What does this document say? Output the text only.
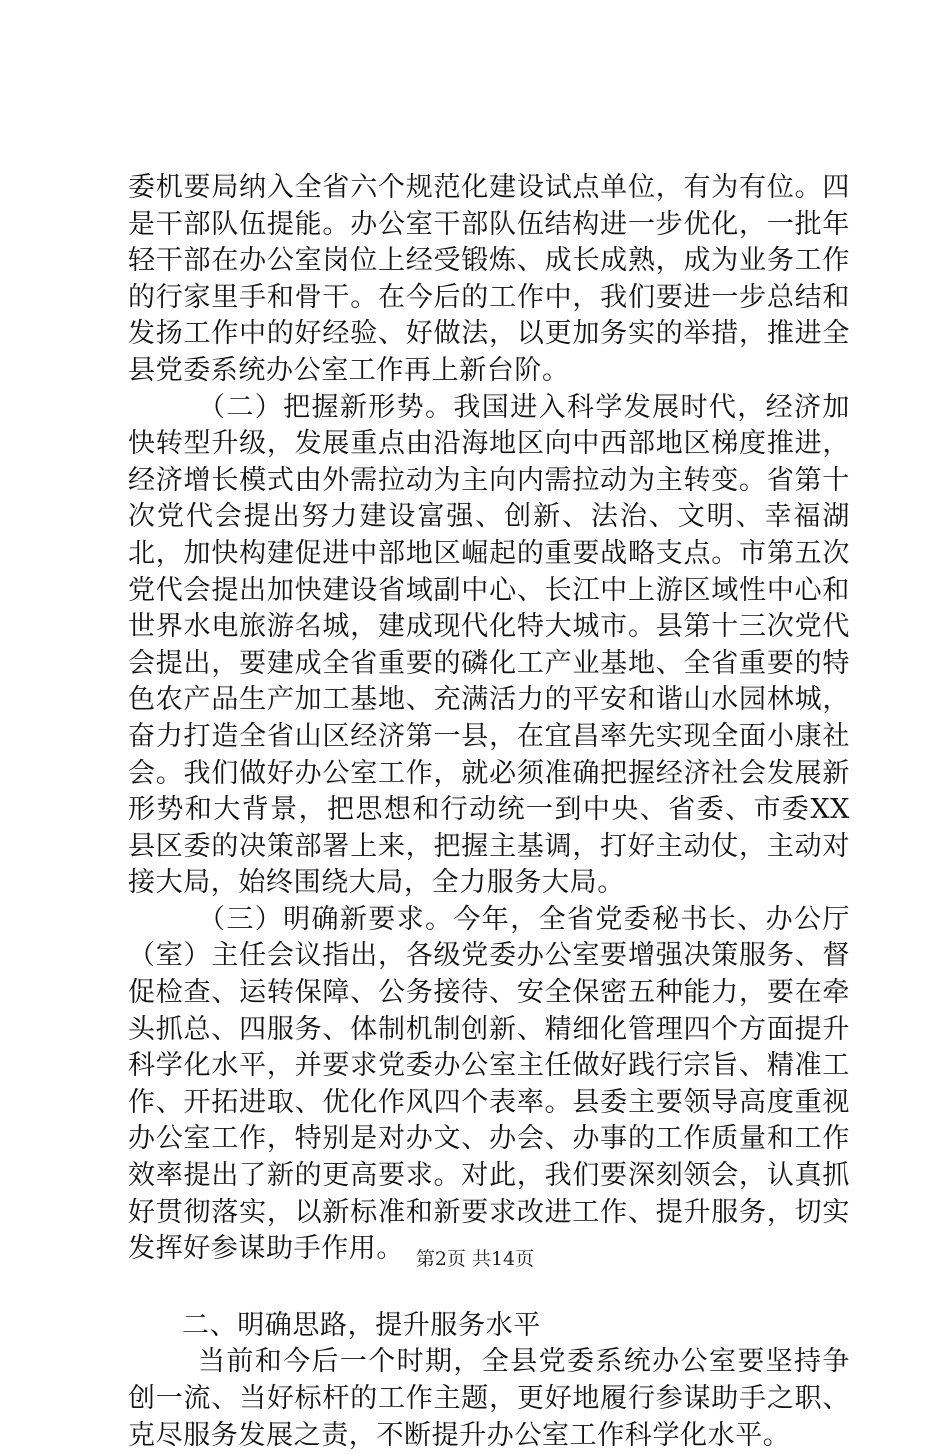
委机要局纳入全省六个规范化建设试点单位，有为有位。四是干部队伍提能。办公室干部队伍结构进一步优化，一批年轻干部在办公室岗位上经受锻炼、成长成熟，成为业务工作的行家里手和骨干。在今后的工作中，我们要进一步总结和发扬工作中的好经验、好做法，以更加务实的举措，推进全县党委系统办公室工作再上新台阶。

（二）把握新形势。我国进入科学发展时代，经济加快转型升级，发展重点由沿海地区向中西部地区梯度推进，经济增长模式由外需拉动为主向内需拉动为主转变。省第十次党代会提出努力建设富强、创新、法治、文明、幸福湖北，加快构建促进中部地区崛起的重要战略支点。市第五次党代会提出加快建设省域副中心、长江中上游区域性中心和世界水电旅游名城，建成现代化特大城市。县第十三次党代会提出，要建成全省重要的磷化工产业基地、全省重要的特色农产品生产加工基地、充满活力的平安和谐山水园林城，奋力打造全省山区经济第一县，在宜昌率先实现全面小康社会。我们做好办公室工作，就必须准确把握经济社会发展新形势和大背景，把思想和行动统一到中央、省委、市委XX县区委的决策部署上来，把握主基调，打好主动仗，主动对接大局，始终围绕大局，全力服务大局。

（三）明确新要求。今年，全省党委秘书长、办公厅（室）主任会议指出，各级党委办公室要增强决策服务、督促检查、运转保障、公务接待、安全保密五种能力，要在牵头抓总、四服务、体制机制创新、精细化管理四个方面提升科学化水平，并要求党委办公室主任做好践行宗旨、精准工作、开拓进取、优化作风四个表率。县委主要领导高度重视办公室工作，特别是对办文、办会、办事的工作质量和工作效率提出了新的更高要求。对此，我们要深刻领会，认真抓好贯彻落实，以新标准和新要求改进工作、提升服务，切实发挥好参谋助手作用。

二、明确思路，提升服务水平

当前和今后一个时期，全县党委系统办公室要坚持争创一流、当好标杆的工作主题，更好地履行参谋助手之职、克尽服务发展之责，不断提升办公室工作科学化水平。

第2页 共14页
